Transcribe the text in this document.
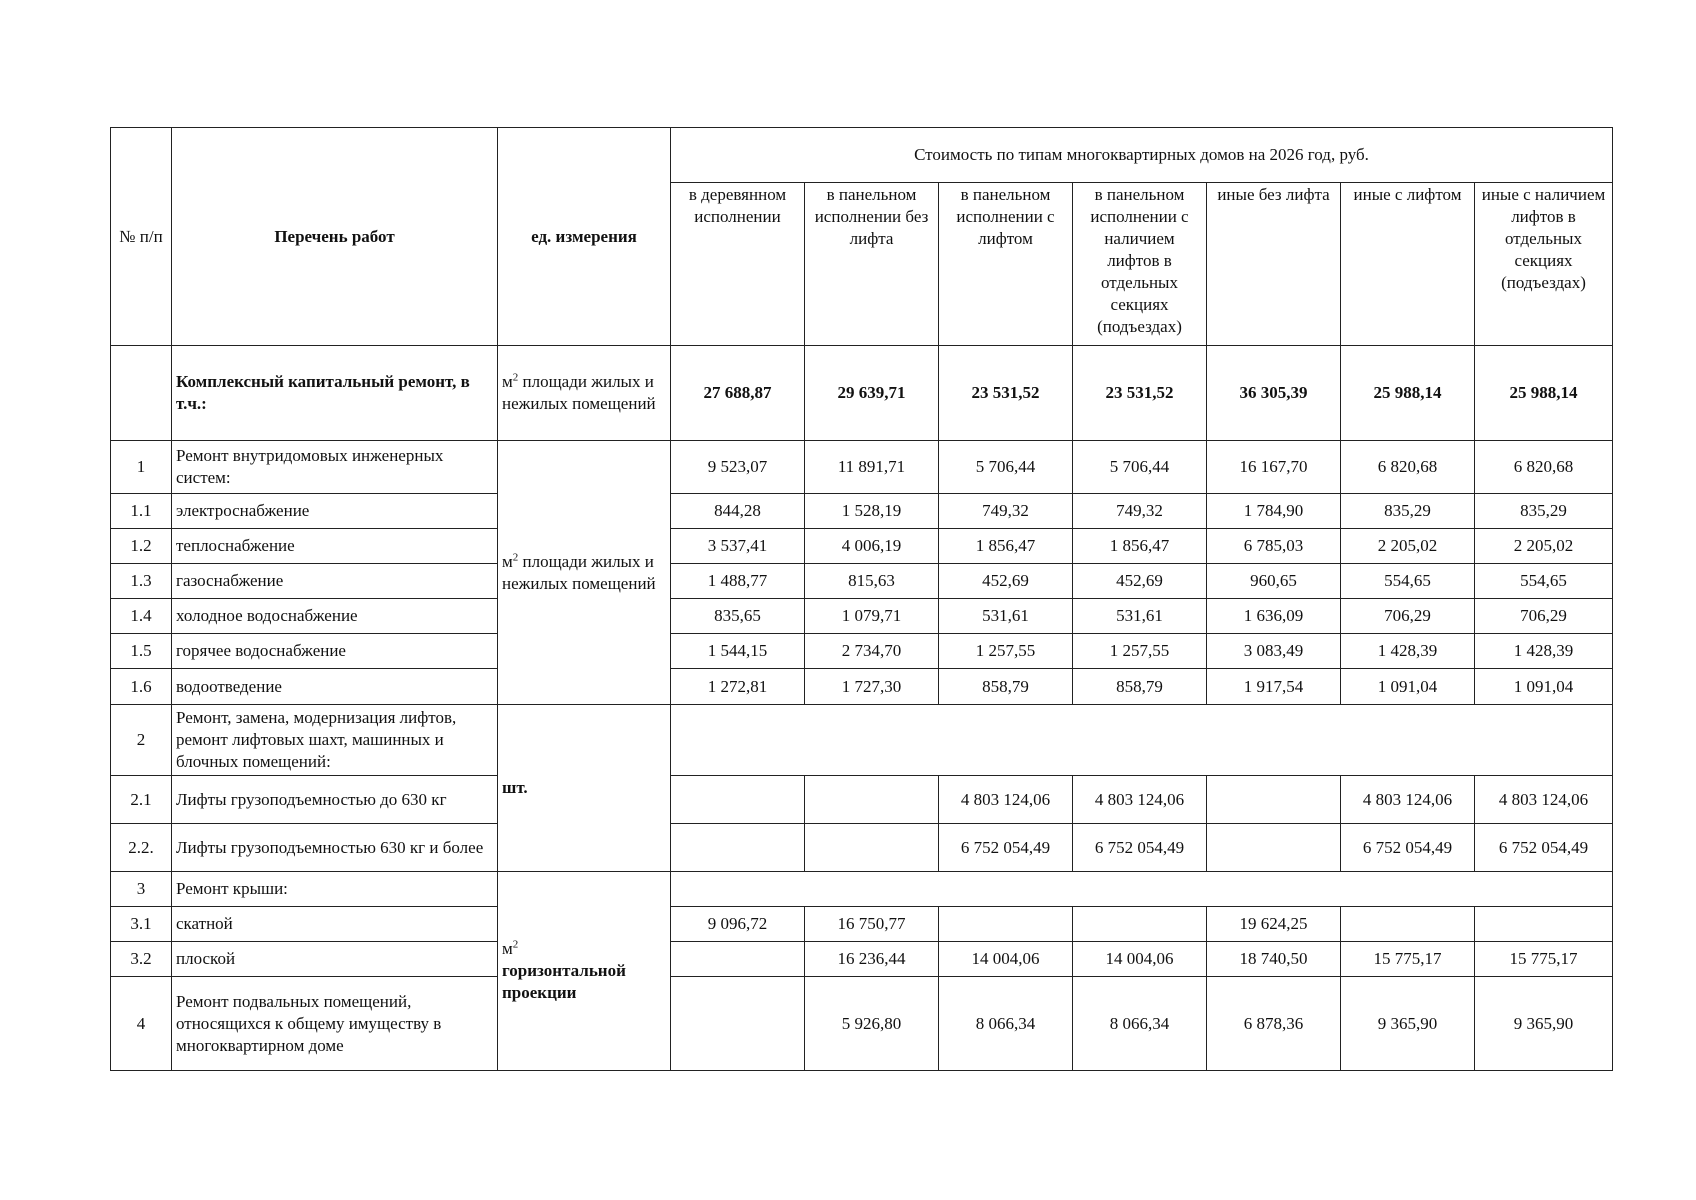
№ п/п	Перечень работ	ед. измерения	Стоимость по типам многоквартирных домов на 2026 год, руб.						
			в деревянном исполнении	в панельном исполнении без лифта	в панельном исполнении с лифтом	в панельном исполнении с наличием лифтов в отдельных секциях (подъездах)	иные без лифта	иные с лифтом	иные с наличием лифтов в отдельных секциях (подъездах)
	Комплексный капитальный ремонт, в т.ч.:	$м^2$ площади жилых и нежилых помещений	27 688,87	29 639,71	23 531,52	23 531,52	36 305,39	25 988,14	25 988,14
1	Ремонт внутридомовых инженерных систем:	$м^2$ площади жилых и нежилых помещений	9 523,07	11 891,71	5 706,44	5 706,44	16 167,70	6 820,68	6 820,68
1.1	электроснабжение		844,28	1 528,19	749,32	749,32	1 784,90	835,29	835,29
1.2	теплоснабжение		3 537,41	4 006,19	1 856,47	1 856,47	6 785,03	2 205,02	2 205,02
1.3	газоснабжение		1 488,77	815,63	452,69	452,69	960,65	554,65	554,65
1.4	холодное водоснабжение		835,65	1 079,71	531,61	531,61	1 636,09	706,29	706,29
1.5	горячее водоснабжение		1 544,15	2 734,70	1 257,55	1 257,55	3 083,49	1 428,39	1 428,39
1.6	водоотведение		1 272,81	1 727,30	858,79	858,79	1 917,54	1 091,04	1 091,04
2	Ремонт, замена, модернизация лифтов, ремонт лифтовых шахт, машинных и блочных помещений:	шт.							
2.1	Лифты грузоподъемностью до 630 кг				4 803 124,06	4 803 124,06		4 803 124,06	4 803 124,06
2.2.	Лифты грузоподъемностью 630 кг и более				6 752 054,49	6 752 054,49		6 752 054,49	6 752 054,49
3	Ремонт крыши:	$м^2$
горизонтальной проекции							
3.1	скатной		9 096,72	16 750,77			19 624,25		
3.2	плоской			16 236,44	14 004,06	14 004,06	18 740,50	15 775,17	15 775,17
4	Ремонт подвальных помещений, относящихся к общему имуществу в многоквартирном доме			5 926,80	8 066,34	8 066,34	6 878,36	9 365,90	9 365,90
